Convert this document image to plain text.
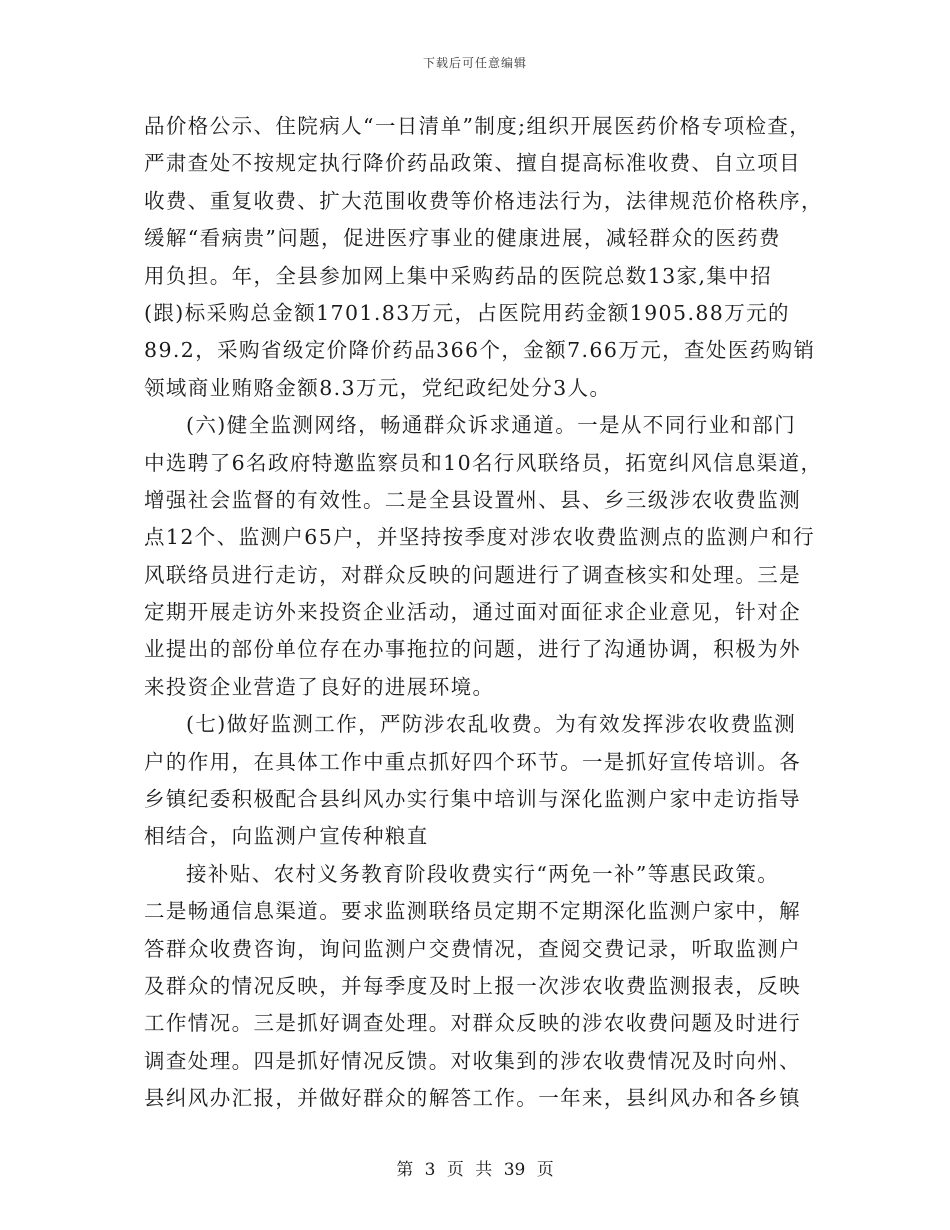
下载后可任意编辑
品价格公示、住院病人“一日清单”制度;组织开展医药价格专项检查，
严肃查处不按规定执行降价药品政策、擅自提高标准收费、自立项目
收费、重复收费、扩大范围收费等价格违法行为，法律规范价格秩序，
缓解“看病贵”问题，促进医疗事业的健康进展，减轻群众的医药费
用负担。年，全县参加网上集中采购药品的医院总数13家,集中招
(跟)标采购总金额1701.83万元，占医院用药金额1905.88万元的
89.2，采购省级定价降价药品366个，金额7.66万元，查处医药购销
领域商业贿赂金额8.3万元，党纪政纪处分3人。
(六)健全监测网络，畅通群众诉求通道。一是从不同行业和部门
中选聘了6名政府特邀监察员和10名行风联络员，拓宽纠风信息渠道，
增强社会监督的有效性。二是全县设置州、县、乡三级涉农收费监测
点12个、监测户65户，并坚持按季度对涉农收费监测点的监测户和行
风联络员进行走访，对群众反映的问题进行了调查核实和处理。三是
定期开展走访外来投资企业活动，通过面对面征求企业意见，针对企
业提出的部份单位存在办事拖拉的问题，进行了沟通协调，积极为外
来投资企业营造了良好的进展环境。
(七)做好监测工作，严防涉农乱收费。为有效发挥涉农收费监测
户的作用，在具体工作中重点抓好四个环节。一是抓好宣传培训。各
乡镇纪委积极配合县纠风办实行集中培训与深化监测户家中走访指导
相结合，向监测户宣传种粮直
接补贴、农村义务教育阶段收费实行“两免一补”等惠民政策。
二是畅通信息渠道。要求监测联络员定期不定期深化监测户家中，解
答群众收费咨询，询问监测户交费情况，查阅交费记录，听取监测户
及群众的情况反映，并每季度及时上报一次涉农收费监测报表，反映
工作情况。三是抓好调查处理。对群众反映的涉农收费问题及时进行
调查处理。四是抓好情况反馈。对收集到的涉农收费情况及时向州、
县纠风办汇报，并做好群众的解答工作。一年来，县纠风办和各乡镇
第 3 页 共 39 页
